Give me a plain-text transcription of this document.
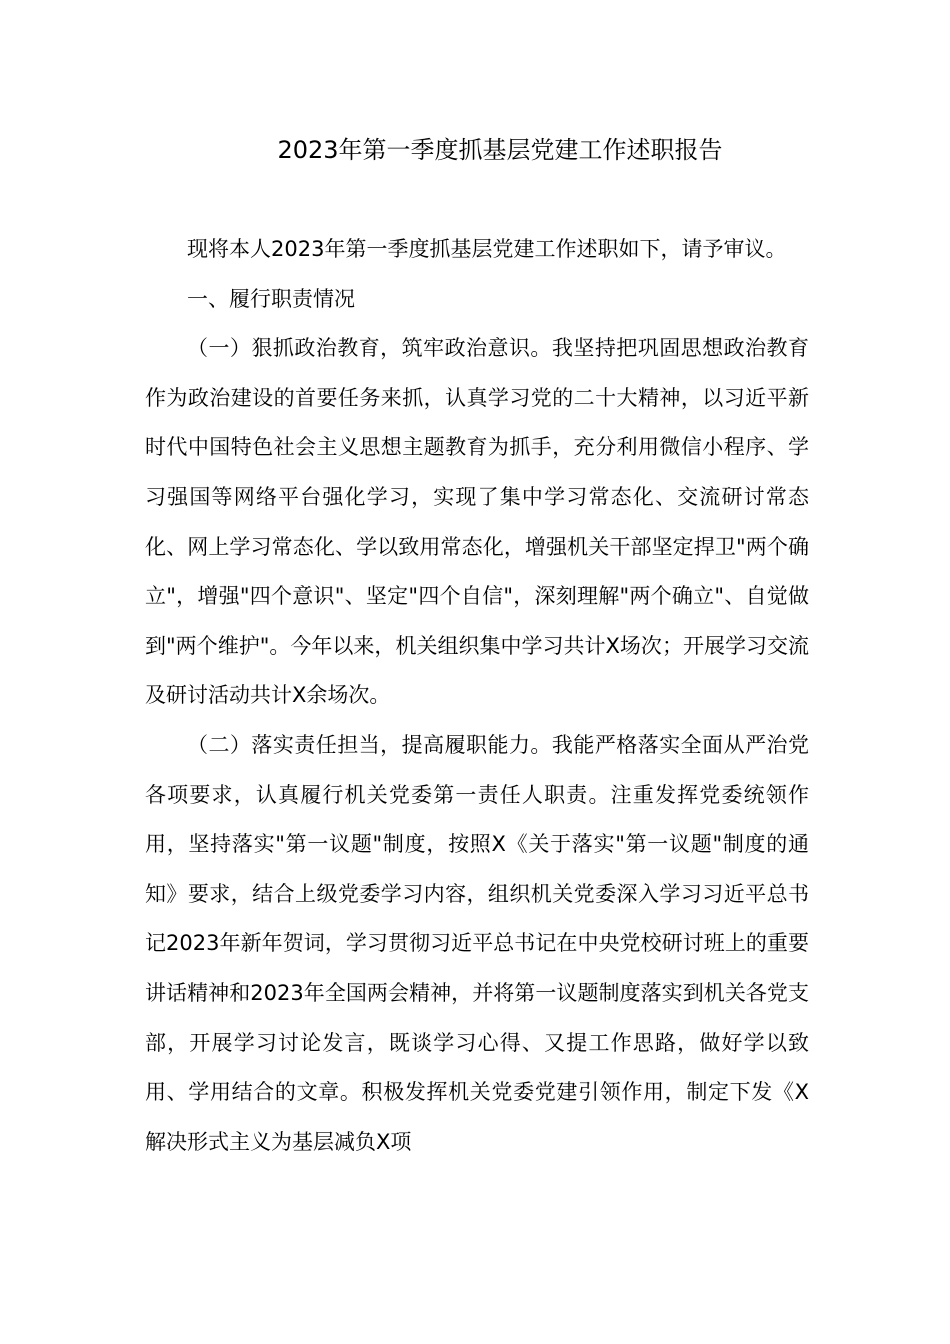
2023年第一季度抓基层党建工作述职报告

现将本人2023年第一季度抓基层党建工作述职如下，请予审议。

一、履行职责情况

（一）狠抓政治教育，筑牢政治意识。我坚持把巩固思想政治教育作为政治建设的首要任务来抓，认真学习党的二十大精神，以习近平新时代中国特色社会主义思想主题教育为抓手，充分利用微信小程序、学习强国等网络平台强化学习，实现了集中学习常态化、交流研讨常态化、网上学习常态化、学以致用常态化，增强机关干部坚定捍卫"两个确立"，增强"四个意识"、坚定"四个自信"，深刻理解"两个确立"、自觉做到"两个维护"。今年以来，机关组织集中学习共计X场次；开展学习交流及研讨活动共计X余场次。

（二）落实责任担当，提高履职能力。我能严格落实全面从严治党各项要求，认真履行机关党委第一责任人职责。注重发挥党委统领作用，坚持落实"第一议题"制度，按照X《关于落实"第一议题"制度的通知》要求，结合上级党委学习内容，组织机关党委深入学习习近平总书记2023年新年贺词，学习贯彻习近平总书记在中央党校研讨班上的重要讲话精神和2023年全国两会精神，并将第一议题制度落实到机关各党支部，开展学习讨论发言，既谈学习心得、又提工作思路，做好学以致用、学用结合的文章。积极发挥机关党委党建引领作用，制定下发《X解决形式主义为基层减负X项
